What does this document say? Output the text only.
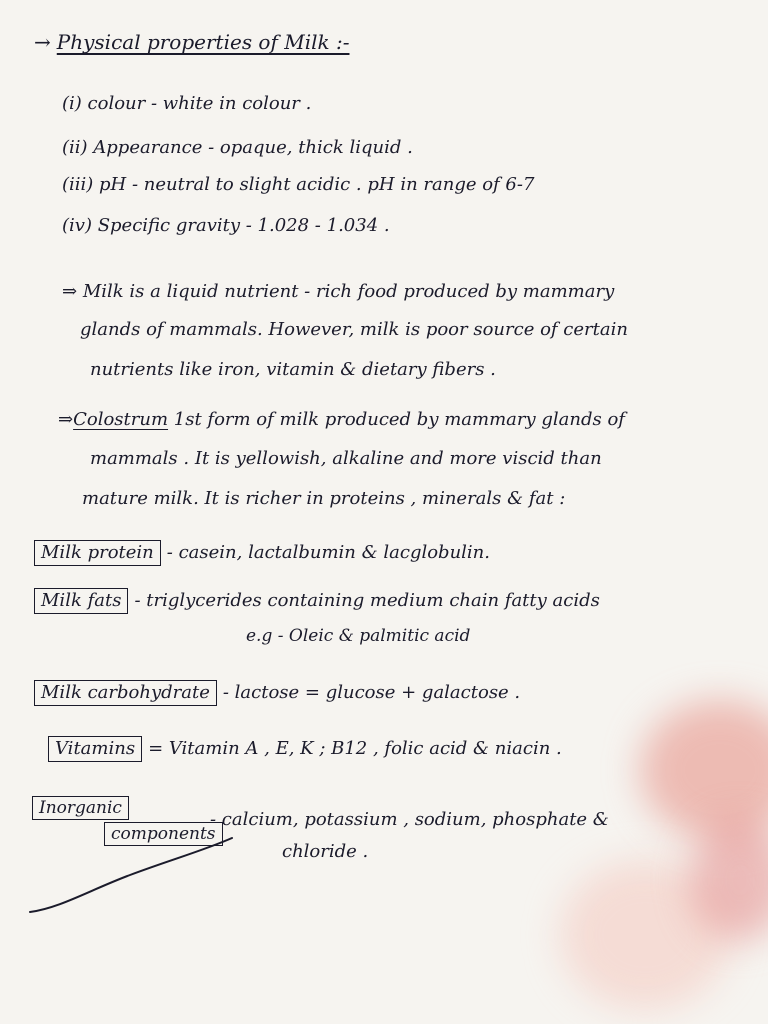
→ Physical properties of Milk :-
(i) colour - white in colour .
(ii) Appearance - opaque, thick liquid .
(iii) pH - neutral to slight acidic . pH in range of 6-7
(iv) Specific gravity - 1.028 - 1.034 .
⇒ Milk is a liquid nutrient - rich food produced by mammary
glands of mammals. However, milk is poor source of certain
nutrients like iron, vitamin & dietary fibers .
⇒Colostrum 1st form of milk produced by mammary glands of
mammals . It is yellowish, alkaline and more viscid than
mature milk. It is richer in proteins , minerals & fat :
Milk protein - casein, lactalbumin & lacglobulin.
Milk fats - triglycerides containing medium chain fatty acids
e.g - Oleic & palmitic acid
Milk carbohydrate - lactose = glucose + galactose .
Vitamins = Vitamin A , E, K ; B12 , folic acid & niacin .
Inorganic
components
- calcium, potassium , sodium, phosphate &
chloride .
